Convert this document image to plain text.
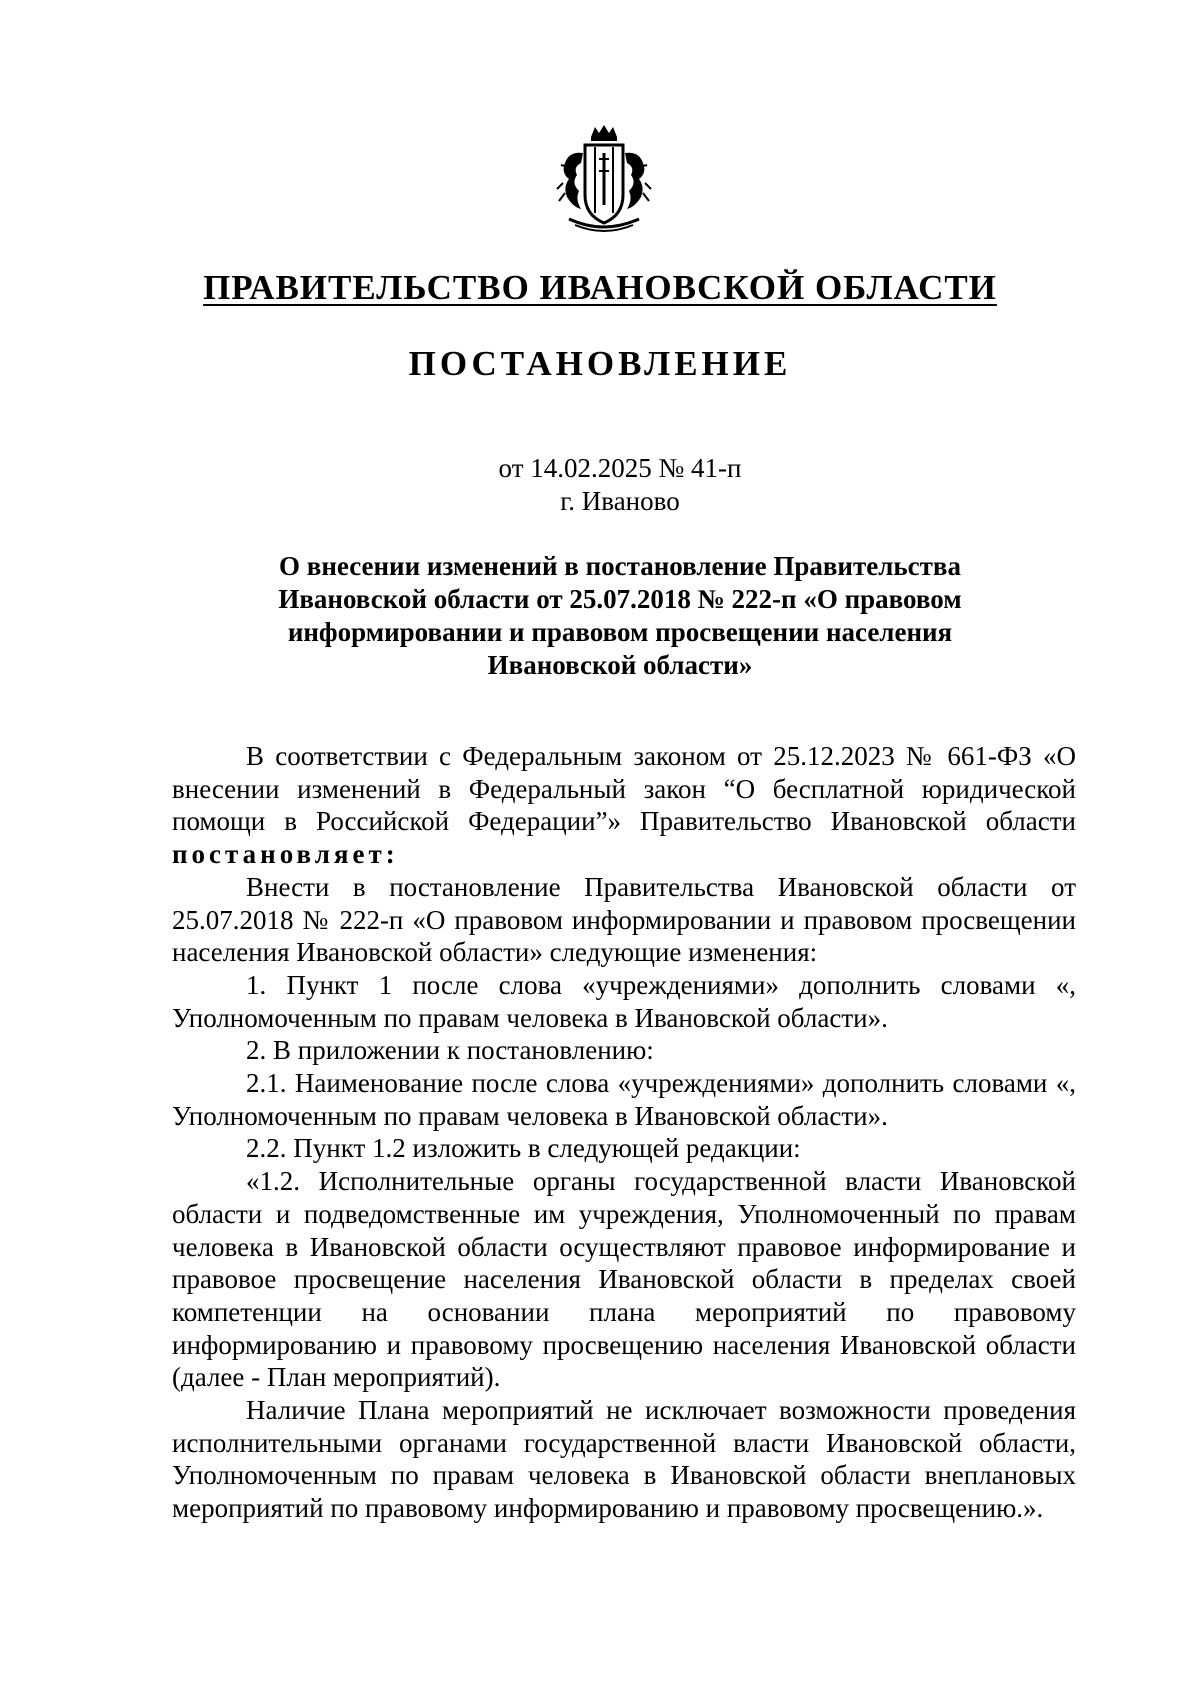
ПРАВИТЕЛЬСТВО ИВАНОВСКОЙ ОБЛАСТИ
ПОСТАНОВЛЕНИЕ
от 14.02.2025 № 41-п
г. Иваново
О внесении изменений в постановление Правительства
Ивановской области от 25.07.2018 № 222-п «О правовом
информировании и правовом просвещении населения
Ивановской области»

В соответствии с Федеральным законом от 25.12.2023 № 661-ФЗ «О внесении изменений в Федеральный закон “О бесплатной юридической помощи в Российской Федерации”» Правительство Ивановской области постановляет:

Внести в постановление Правительства Ивановской области от 25.07.2018 № 222-п «О правовом информировании и правовом просвещении населения Ивановской области» следующие изменения:

1. Пункт 1 после слова «учреждениями» дополнить словами «, Уполномоченным по правам человека в Ивановской области».

2. В приложении к постановлению:

2.1. Наименование после слова «учреждениями» дополнить словами «, Уполномоченным по правам человека в Ивановской области».

2.2. Пункт 1.2 изложить в следующей редакции:

«1.2. Исполнительные органы государственной власти Ивановской области и подведомственные им учреждения, Уполномоченный по правам человека в Ивановской области осуществляют правовое информирование и правовое просвещение населения Ивановской области в пределах своей компетенции на основании плана мероприятий по правовому информированию и правовому просвещению населения Ивановской области (далее - План мероприятий).

Наличие Плана мероприятий не исключает возможности проведения исполнительными органами государственной власти Ивановской области, Уполномоченным по правам человека в Ивановской области внеплановых мероприятий по правовому информированию и правовому просвещению.».
